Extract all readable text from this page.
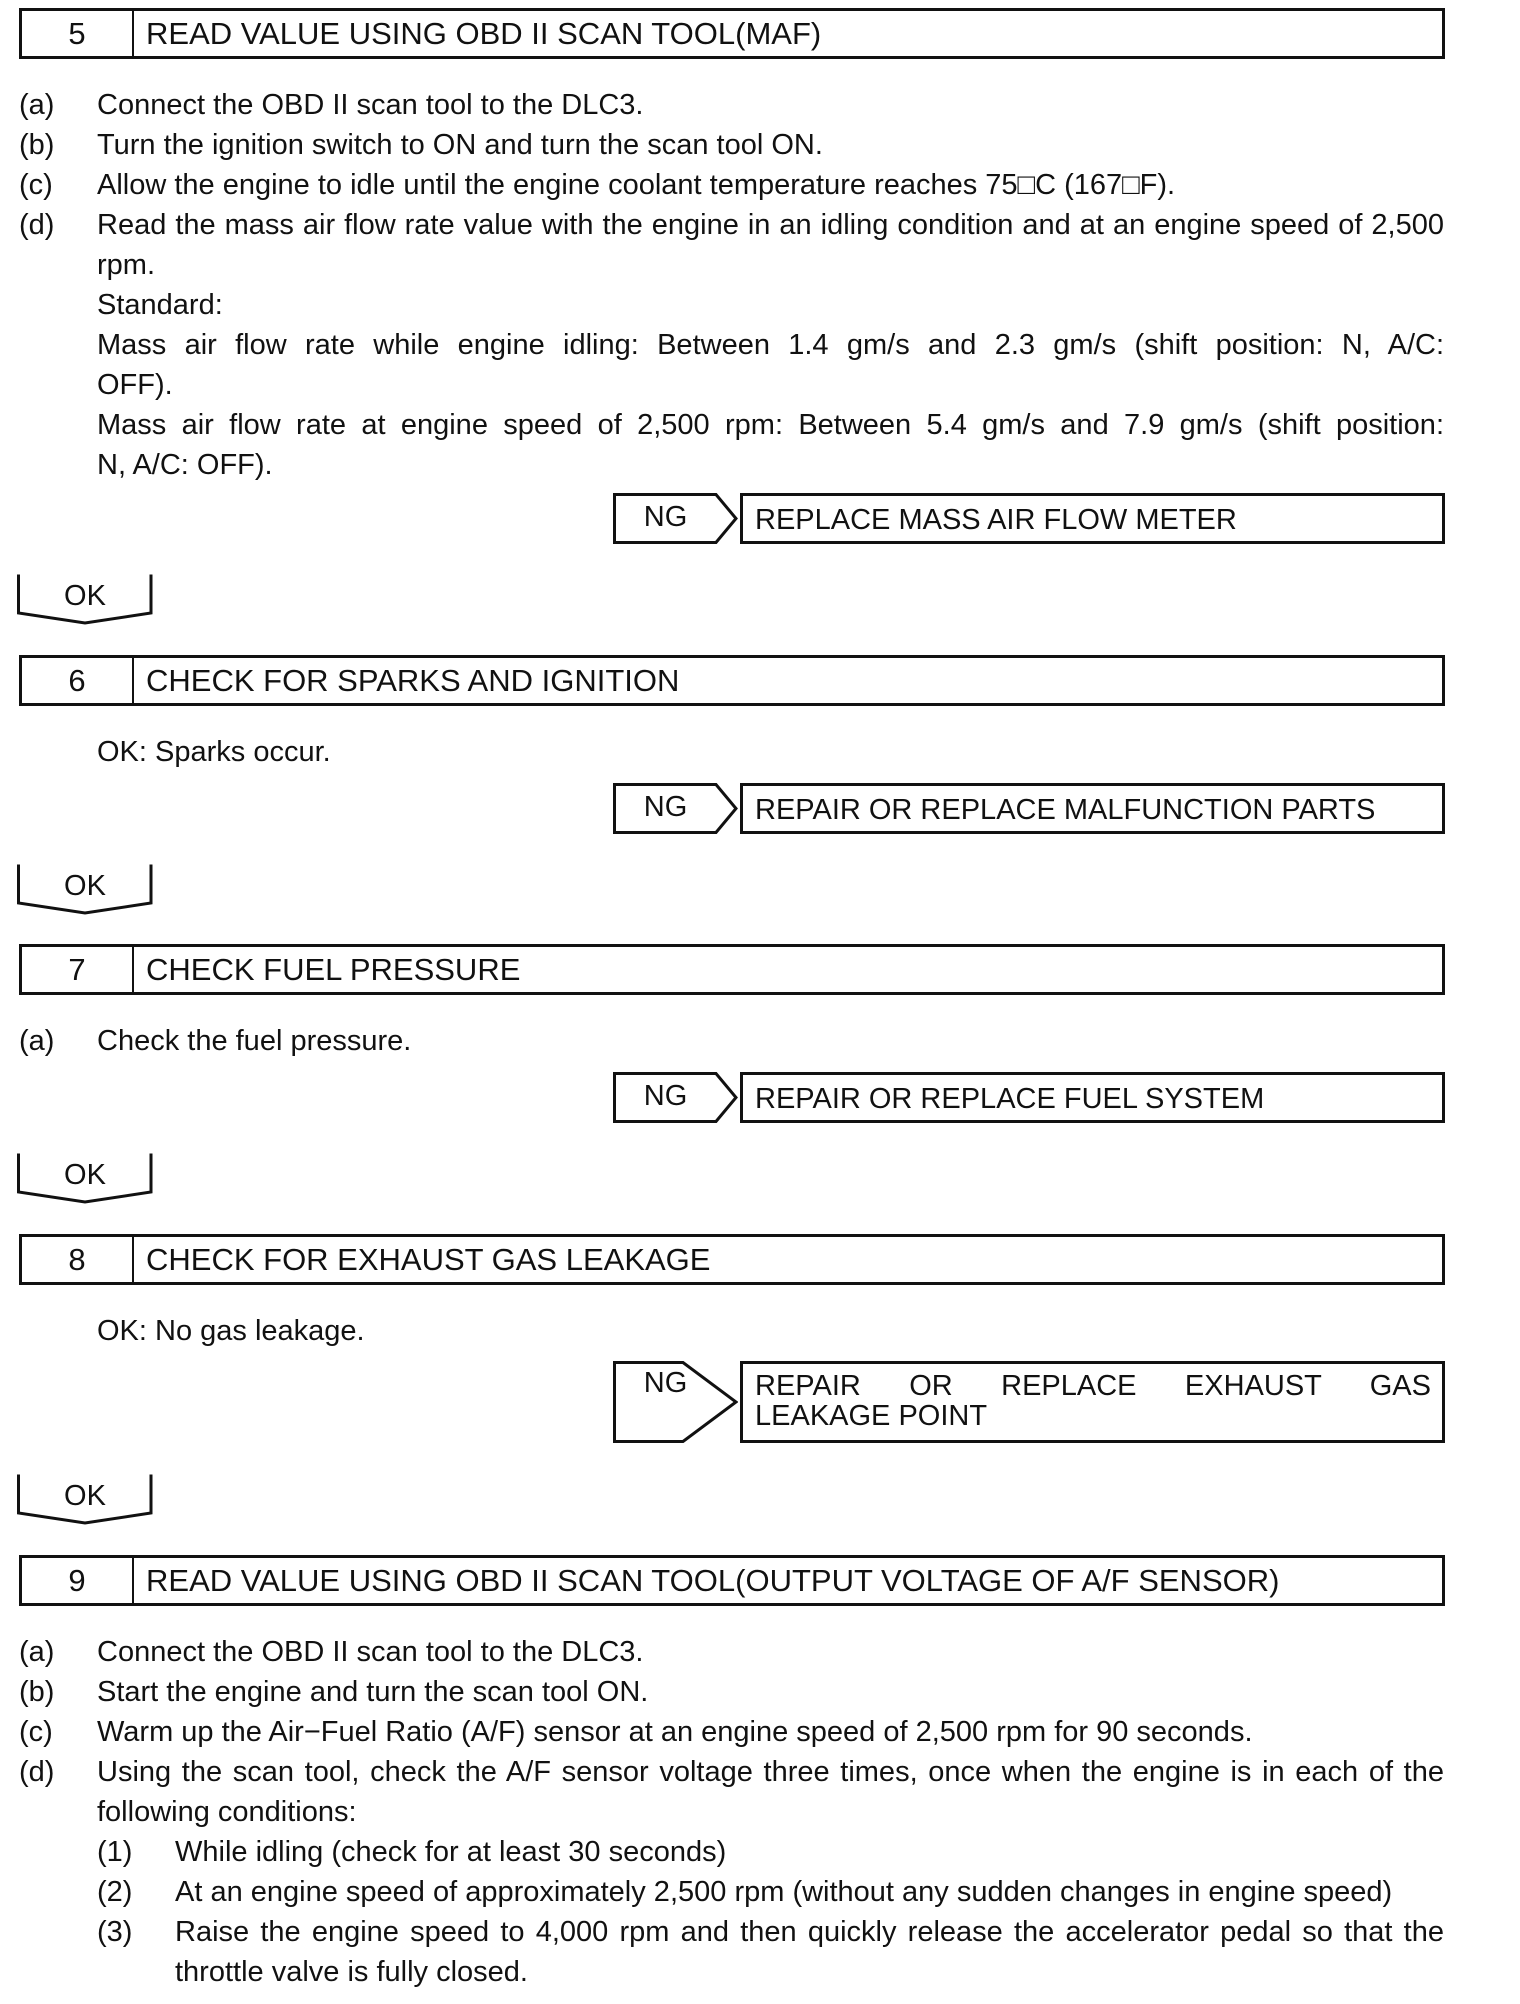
5	READ VALUE USING OBD II SCAN TOOL(MAF)
(a) Connect the OBD II scan tool to the DLC3.
(b) Turn the ignition switch to ON and turn the scan tool ON.
(c) Allow the engine to idle until the engine coolant temperature reaches 75□C (167□F).
(d) Read the mass air flow rate value with the engine in an idling condition and at an engine speed of 2,500
rpm.
Standard:
Mass air flow rate while engine idling: Between 1.4 gm/s and 2.3 gm/s (shift position: N, A/C:
OFF).
Mass air flow rate at engine speed of 2,500 rpm: Between 5.4 gm/s and 7.9 gm/s (shift position:
N, A/C: OFF).
NG	REPLACE MASS AIR FLOW METER
OK
6	CHECK FOR SPARKS AND IGNITION
OK: Sparks occur.
NG	REPAIR OR REPLACE MALFUNCTION PARTS
OK
7	CHECK FUEL PRESSURE
(a) Check the fuel pressure.
NG	REPAIR OR REPLACE FUEL SYSTEM
OK
8	CHECK FOR EXHAUST GAS LEAKAGE
OK: No gas leakage.
NG	REPAIR OR REPLACE EXHAUST GAS
LEAKAGE POINT
OK
9	READ VALUE USING OBD II SCAN TOOL(OUTPUT VOLTAGE OF A/F SENSOR)
(a) Connect the OBD II scan tool to the DLC3.
(b) Start the engine and turn the scan tool ON.
(c) Warm up the Air−Fuel Ratio (A/F) sensor at an engine speed of 2,500 rpm for 90 seconds.
(d) Using the scan tool, check the A/F sensor voltage three times, once when the engine is in each of the
following conditions:
(1) While idling (check for at least 30 seconds)
(2) At an engine speed of approximately 2,500 rpm (without any sudden changes in engine speed)
(3) Raise the engine speed to 4,000 rpm and then quickly release the accelerator pedal so that the
throttle valve is fully closed.
